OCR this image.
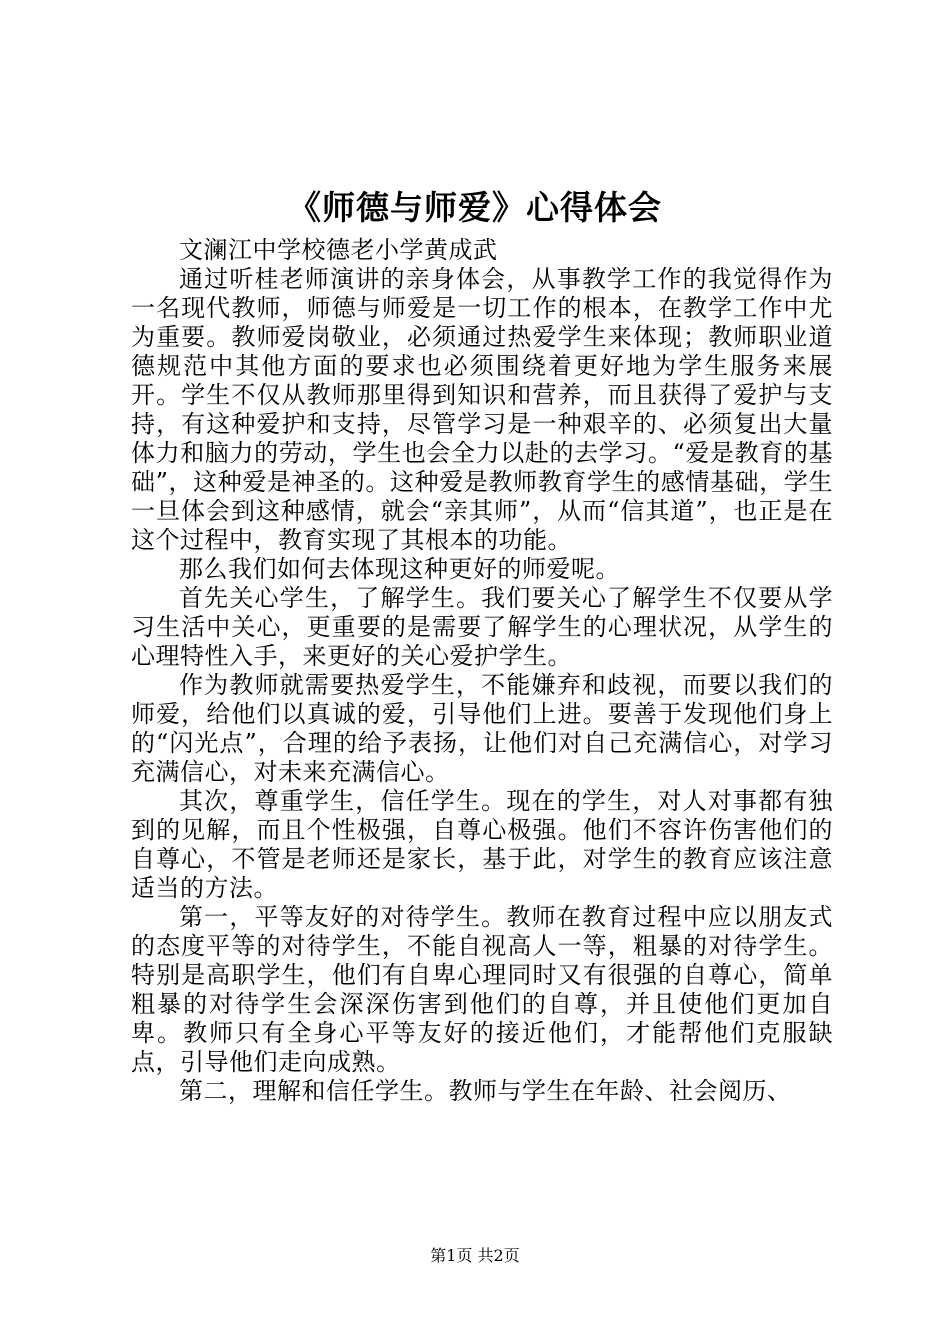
《师德与师爱》心得体会

文澜江中学校德老小学黄成武

通过听桂老师演讲的亲身体会，从事教学工作的我觉得作为一名现代教师，师德与师爱是一切工作的根本，在教学工作中尤为重要。教师爱岗敬业，必须通过热爱学生来体现；教师职业道德规范中其他方面的要求也必须围绕着更好地为学生服务来展开。学生不仅从教师那里得到知识和营养，而且获得了爱护与支持，有这种爱护和支持，尽管学习是一种艰辛的、必须复出大量体力和脑力的劳动，学生也会全力以赴的去学习。“爱是教育的基础”，这种爱是神圣的。这种爱是教师教育学生的感情基础，学生一旦体会到这种感情，就会“亲其师”，从而“信其道”，也正是在这个过程中，教育实现了其根本的功能。

那么我们如何去体现这种更好的师爱呢。

首先关心学生，了解学生。我们要关心了解学生不仅要从学习生活中关心，更重要的是需要了解学生的心理状况，从学生的心理特性入手，来更好的关心爱护学生。

作为教师就需要热爱学生，不能嫌弃和歧视，而要以我们的师爱，给他们以真诚的爱，引导他们上进。要善于发现他们身上的“闪光点”，合理的给予表扬，让他们对自己充满信心，对学习充满信心，对未来充满信心。

其次，尊重学生，信任学生。现在的学生，对人对事都有独到的见解，而且个性极强，自尊心极强。他们不容许伤害他们的自尊心，不管是老师还是家长，基于此，对学生的教育应该注意适当的方法。

第一，平等友好的对待学生。教师在教育过程中应以朋友式的态度平等的对待学生，不能自视高人一等，粗暴的对待学生。特别是高职学生，他们有自卑心理同时又有很强的自尊心，简单粗暴的对待学生会深深伤害到他们的自尊，并且使他们更加自卑。教师只有全身心平等友好的接近他们，才能帮他们克服缺点，引导他们走向成熟。

第二，理解和信任学生。教师与学生在年龄、社会阅历、

第1页 共2页
